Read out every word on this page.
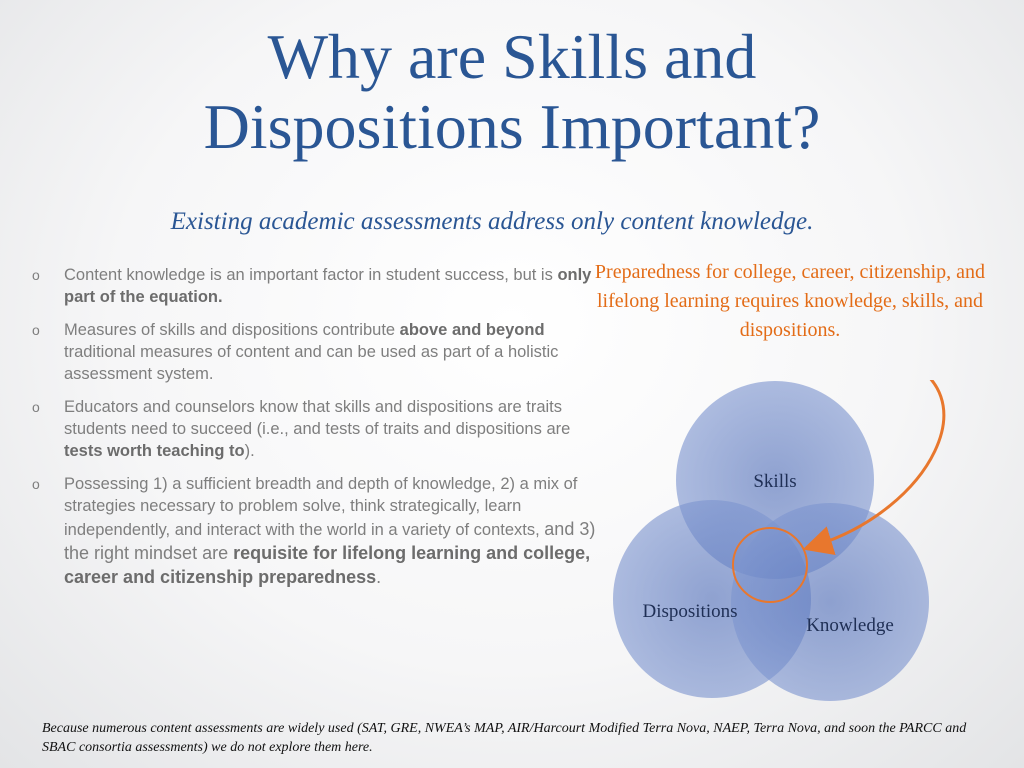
Why are Skills and
Dispositions Important?

Existing academic assessments address only content knowledge.

o Content knowledge is an important factor in student success, but is only part of the equation.
o Measures of skills and dispositions contribute above and beyond traditional measures of content and can be used as part of a holistic assessment system.
o Educators and counselors know that skills and dispositions are traits students need to succeed (i.e., and tests of traits and dispositions are tests worth teaching to).
o Possessing 1) a sufficient breadth and depth of knowledge, 2) a mix of strategies necessary to problem solve, think strategically, learn independently, and interact with the world in a variety of contexts, and 3) the right mindset are requisite for lifelong learning and college, career and citizenship preparedness.

Preparedness for college, career, citizenship, and lifelong learning requires knowledge, skills, and dispositions.

Skills
Dispositions
Knowledge

Because numerous content assessments are widely used (SAT, GRE, NWEA’s MAP, AIR/Harcourt Modified Terra Nova, NAEP, Terra Nova, and soon the PARCC and SBAC consortia assessments) we do not explore them here.
